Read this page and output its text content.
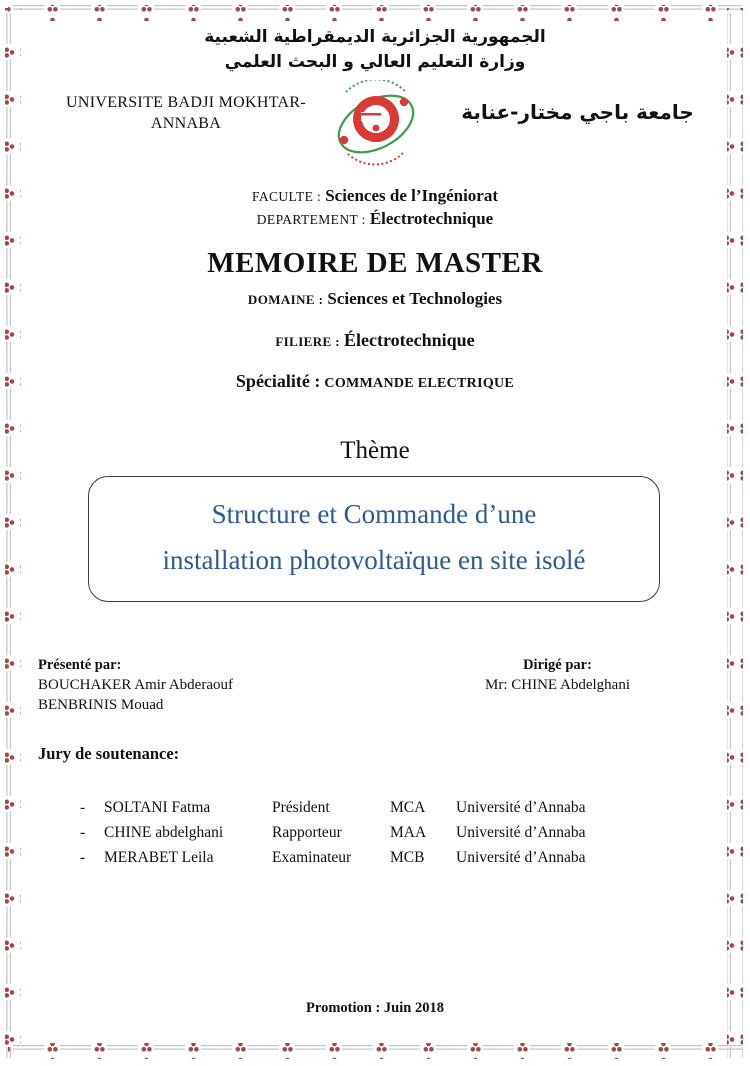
الجمهورية الجزائرية الديمقراطية الشعبية
وزارة التعليم العالي و البحث العلمي
UNIVERSITE BADJI MOKHTAR-
ANNABA	جامعة باجي مختار-عنابة
FACULTE : Sciences de l’Ingéniorat
DEPARTEMENT : Électrotechnique
MEMOIRE DE MASTER
DOMAINE : Sciences et Technologies
FILIERE : Électrotechnique
Spécialité : COMMANDE ELECTRIQUE
Thème
Structure et Commande d’une
installation photovoltaïque en site isolé
Présenté par:
BOUCHAKER Amir Abderaouf
BENBRINIS Mouad
Dirigé par:
Mr: CHINE Abdelghani
Jury de soutenance:
-	SOLTANI Fatma	Président	MCA	Université d’Annaba
-	CHINE abdelghani	Rapporteur	MAA	Université d’Annaba
-	MERABET Leila	Examinateur	MCB	Université d’Annaba
Promotion : Juin 2018
